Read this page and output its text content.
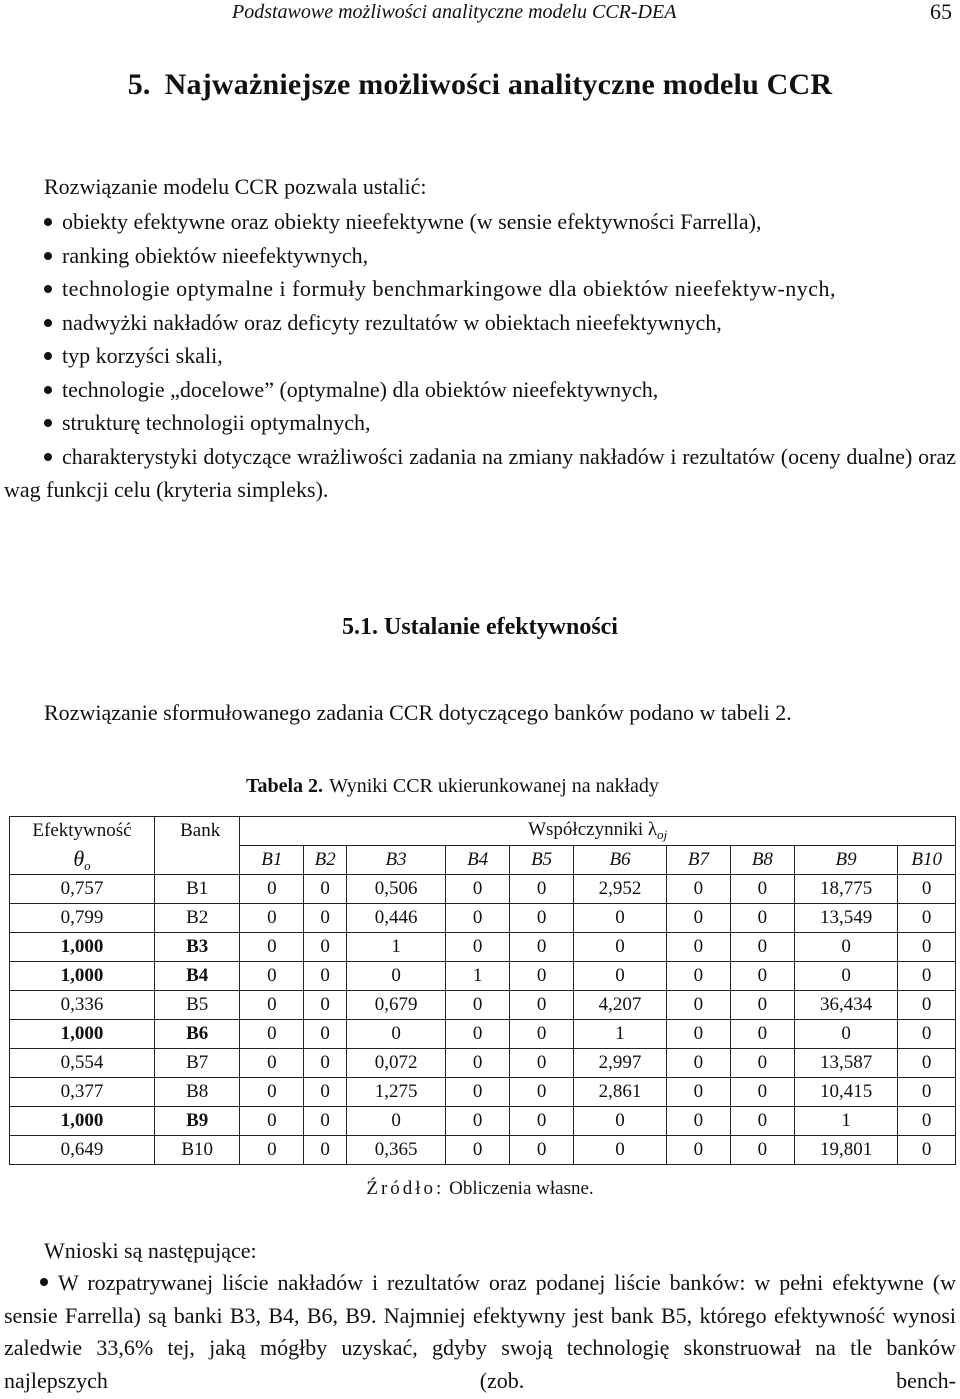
Podstawowe możliwości analityczne modelu CCR-DEA	65
5. Najważniejsze możliwości analityczne modelu CCR
Rozwiązanie modelu CCR pozwala ustalić:
obiekty efektywne oraz obiekty nieefektywne (w sensie efektywności Farrella),
ranking obiektów nieefektywnych,
technologie optymalne i formuły benchmarkingowe dla obiektów nieefektyw-nych,
nadwyżki nakładów oraz deficyty rezultatów w obiektach nieefektywnych,
typ korzyści skali,
technologie „docelowe” (optymalne) dla obiektów nieefektywnych,
strukturę technologii optymalnych,
charakterystyki dotyczące wrażliwości zadania na zmiany nakładów i rezultatów (oceny dualne) oraz wag funkcji celu (kryteria simpleks).
5.1. Ustalanie efektywności
Rozwiązanie sformułowanego zadania CCR dotyczącego banków podano w tabeli 2.
Tabela 2. Wyniki CCR ukierunkowanej na nakłady
Efektywność	Bank	Współczynniki $\lambda_{oj}$
$\theta_o$		B1	B2	B3	B4	B5	B6	B7	B8	B9	B10
0,757	B1	0	0	0,506	0	0	2,952	0	0	18,775	0
0,799	B2	0	0	0,446	0	0	0	0	0	13,549	0
1,000	B3	0	0	1	0	0	0	0	0	0	0
1,000	B4	0	0	0	1	0	0	0	0	0	0
0,336	B5	0	0	0,679	0	0	4,207	0	0	36,434	0
1,000	B6	0	0	0	0	0	1	0	0	0	0
0,554	B7	0	0	0,072	0	0	2,997	0	0	13,587	0
0,377	B8	0	0	1,275	0	0	2,861	0	0	10,415	0
1,000	B9	0	0	0	0	0	0	0	0	1	0
0,649	B10	0	0	0,365	0	0	0	0	0	19,801	0
Źródło: Obliczenia własne.
Wnioski są następujące:
W rozpatrywanej liście nakładów i rezultatów oraz podanej liście banków: w pełni efektywne (w sensie Farrella) są banki B3, B4, B6, B9. Najmniej efektywny jest bank B5, którego efektywność wynosi zaledwie 33,6% tej, jaką mógłby uzyskać, gdyby swoją technologię skonstruował na tle banków najlepszych (zob. bench-
